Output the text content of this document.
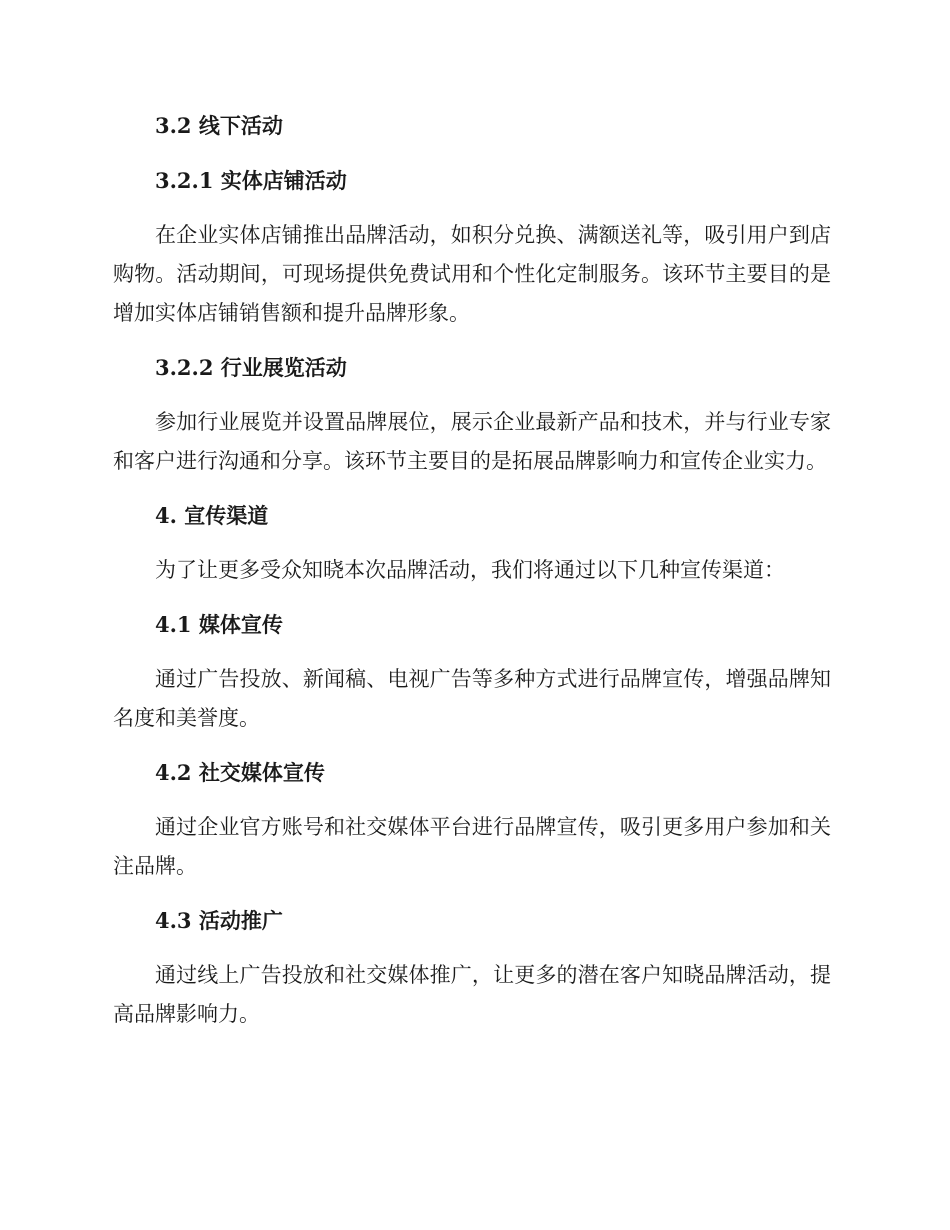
3.2 线下活动
3.2.1 实体店铺活动
在企业实体店铺推出品牌活动，如积分兑换、满额送礼等，吸引用户到店购物。活动期间，可现场提供免费试用和个性化定制服务。该环节主要目的是增加实体店铺销售额和提升品牌形象。
3.2.2 行业展览活动
参加行业展览并设置品牌展位，展示企业最新产品和技术，并与行业专家和客户进行沟通和分享。该环节主要目的是拓展品牌影响力和宣传企业实力。
4. 宣传渠道
为了让更多受众知晓本次品牌活动，我们将通过以下几种宣传渠道：
4.1 媒体宣传
通过广告投放、新闻稿、电视广告等多种方式进行品牌宣传，增强品牌知名度和美誉度。
4.2 社交媒体宣传
通过企业官方账号和社交媒体平台进行品牌宣传，吸引更多用户参加和关注品牌。
4.3 活动推广
通过线上广告投放和社交媒体推广，让更多的潜在客户知晓品牌活动，提高品牌影响力。
